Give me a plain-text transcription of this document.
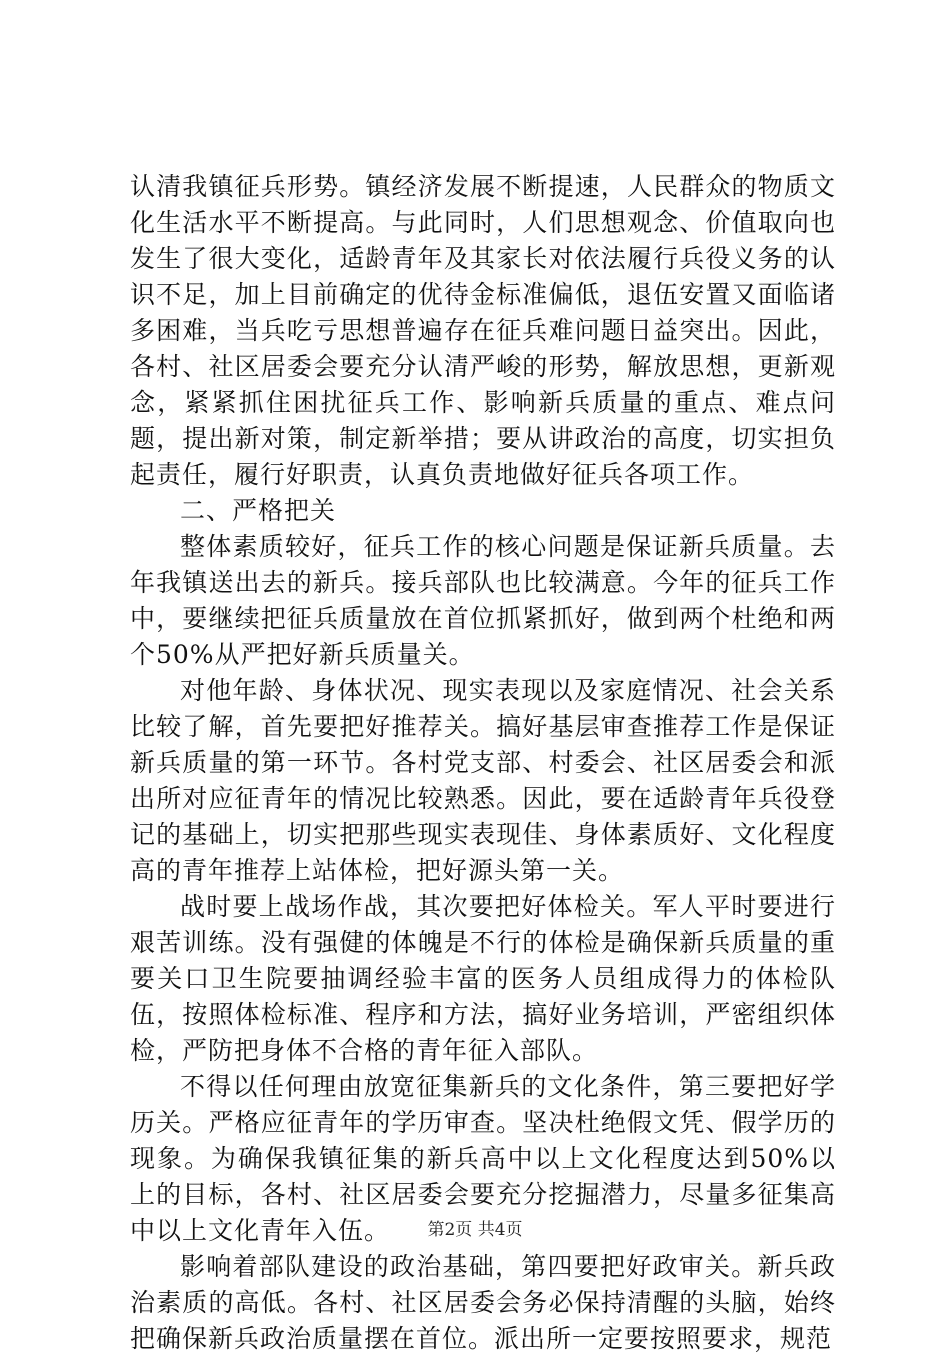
认清我镇征兵形势。镇经济发展不断提速，人民群众的物质文化生活水平不断提高。与此同时，人们思想观念、价值取向也发生了很大变化，适龄青年及其家长对依法履行兵役义务的认识不足，加上目前确定的优待金标准偏低，退伍安置又面临诸多困难，当兵吃亏思想普遍存在征兵难问题日益突出。因此，各村、社区居委会要充分认清严峻的形势，解放思想，更新观念，紧紧抓住困扰征兵工作、影响新兵质量的重点、难点问题，提出新对策，制定新举措；要从讲政治的高度，切实担负起责任，履行好职责，认真负责地做好征兵各项工作。

二、严格把关

整体素质较好，征兵工作的核心问题是保证新兵质量。去年我镇送出去的新兵。接兵部队也比较满意。今年的征兵工作中，要继续把征兵质量放在首位抓紧抓好，做到两个杜绝和两个50%从严把好新兵质量关。

对他年龄、身体状况、现实表现以及家庭情况、社会关系比较了解，首先要把好推荐关。搞好基层审查推荐工作是保证新兵质量的第一环节。各村党支部、村委会、社区居委会和派出所对应征青年的情况比较熟悉。因此，要在适龄青年兵役登记的基础上，切实把那些现实表现佳、身体素质好、文化程度高的青年推荐上站体检，把好源头第一关。

战时要上战场作战，其次要把好体检关。军人平时要进行艰苦训练。没有强健的体魄是不行的体检是确保新兵质量的重要关口卫生院要抽调经验丰富的医务人员组成得力的体检队伍，按照体检标准、程序和方法，搞好业务培训，严密组织体检，严防把身体不合格的青年征入部队。

不得以任何理由放宽征集新兵的文化条件，第三要把好学历关。严格应征青年的学历审查。坚决杜绝假文凭、假学历的现象。为确保我镇征集的新兵高中以上文化程度达到50%以上的目标，各村、社区居委会要充分挖掘潜力，尽量多征集高中以上文化青年入伍。

影响着部队建设的政治基础，第四要把好政审关。新兵政治素质的高低。各村、社区居委会务必保持清醒的头脑，始终把确保新兵政治质量摆在首位。派出所一定要按照要求，规范

第2页 共4页
